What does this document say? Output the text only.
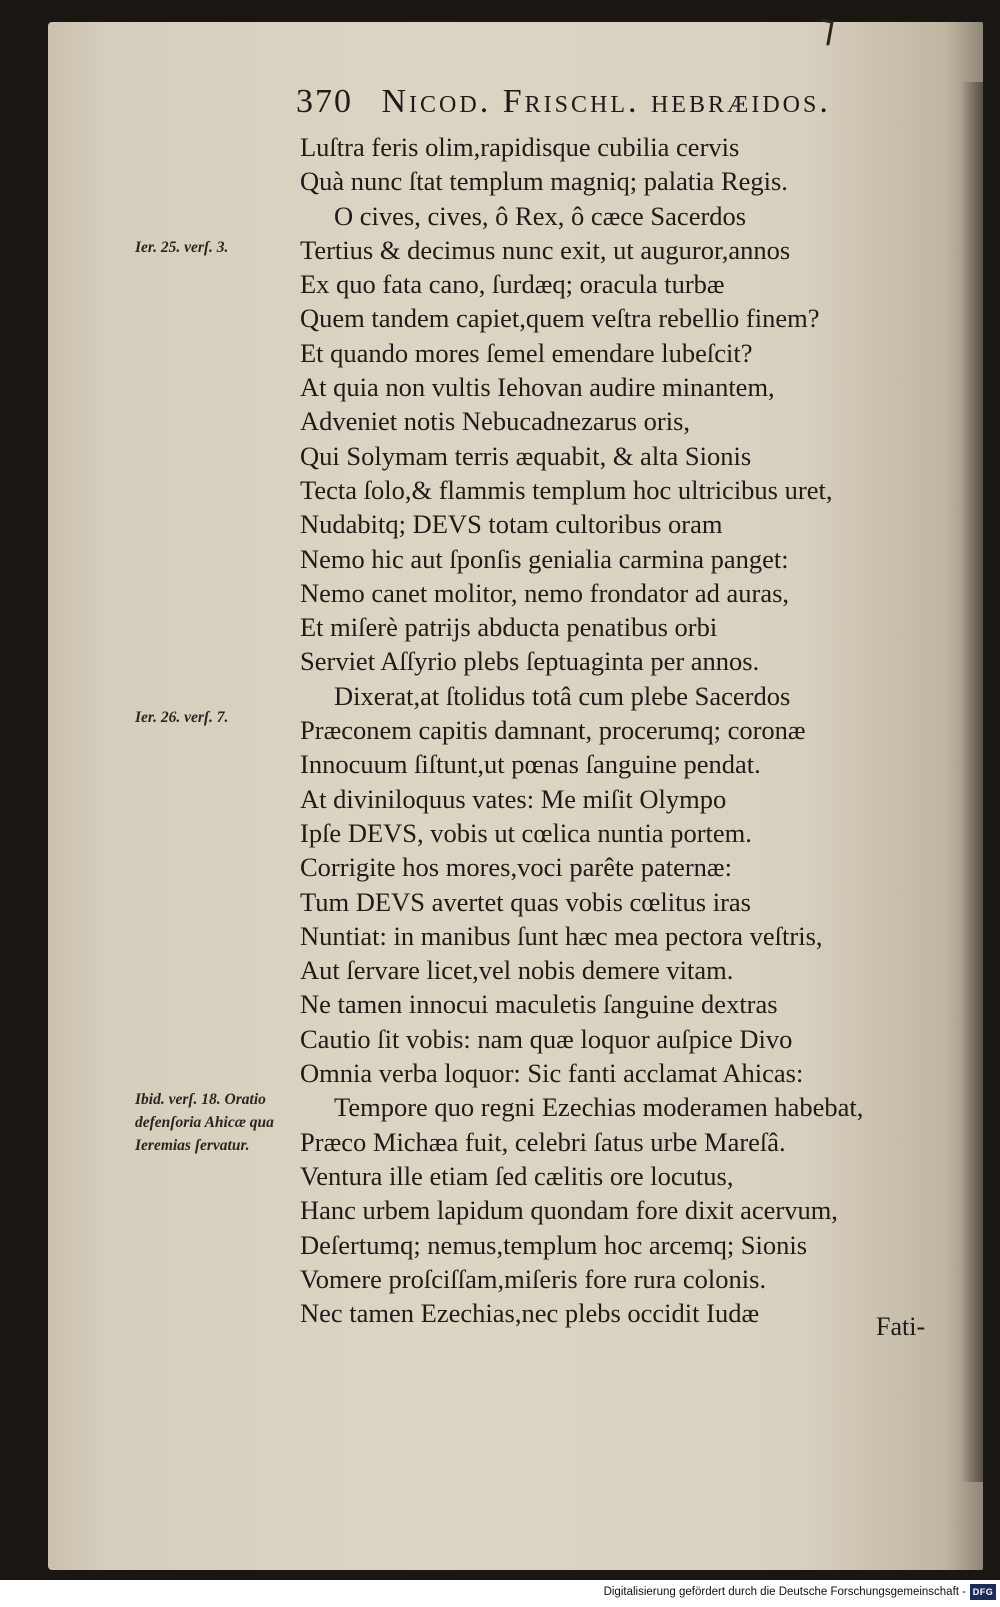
370 Nicod. Frischl. hebræidos.
Ier. 25. verſ. 3.
Ier. 26. verſ. 7.
Ibid. verſ. 18. Oratio defenſoria Ahicæ qua Ieremias ſervatur.
Luſtra feris olim,rapidisque cubilia cervis
Quà nunc ſtat templum magniq; palatia Regis.
O cives, cives, ô Rex, ô cæce Sacerdos
Tertius & decimus nunc exit, ut auguror,annos
Ex quo fata cano, ſurdæq; oracula turbæ
Quem tandem capiet,quem veſtra rebellio finem?
Et quando mores ſemel emendare lubeſcit?
At quia non vultis Iehovan audire minantem,
Adveniet notis Nebucadnezarus oris,
Qui Solymam terris æquabit, & alta Sionis
Tecta ſolo,& flammis templum hoc ultricibus uret,
Nudabitq; DEVS totam cultoribus oram
Nemo hic aut ſponſis genialia carmina panget:
Nemo canet molitor, nemo frondator ad auras,
Et miſerè patrijs abducta penatibus orbi
Serviet Aſſyrio plebs ſeptuaginta per annos.
Dixerat,at ſtolidus totâ cum plebe Sacerdos
Præconem capitis damnant, procerumq; coronæ
Innocuum ſiſtunt,ut pœnas ſanguine pendat.
At diviniloquus vates: Me miſit Olympo
Ipſe DEVS, vobis ut cœlica nuntia portem.
Corrigite hos mores,voci parête paternæ:
Tum DEVS avertet quas vobis cœlitus iras
Nuntiat: in manibus ſunt hæc mea pectora veſtris,
Aut ſervare licet,vel nobis demere vitam.
Ne tamen innocui maculetis ſanguine dextras
Cautio ſit vobis: nam quæ loquor auſpice Divo
Omnia verba loquor: Sic fanti acclamat Ahicas:
Tempore quo regni Ezechias moderamen habebat,
Præco Michæa fuit, celebri ſatus urbe Mareſâ.
Ventura ille etiam ſed cælitis ore locutus,
Hanc urbem lapidum quondam fore dixit acervum,
Deſertumq; nemus,templum hoc arcemq; Sionis
Vomere proſciſſam,miſeris fore rura colonis.
Nec tamen Ezechias,nec plebs occidit Iudæ	Fati-
Digitalisierung gefördert durch die Deutsche Forschungsgemeinschaft - DFG
